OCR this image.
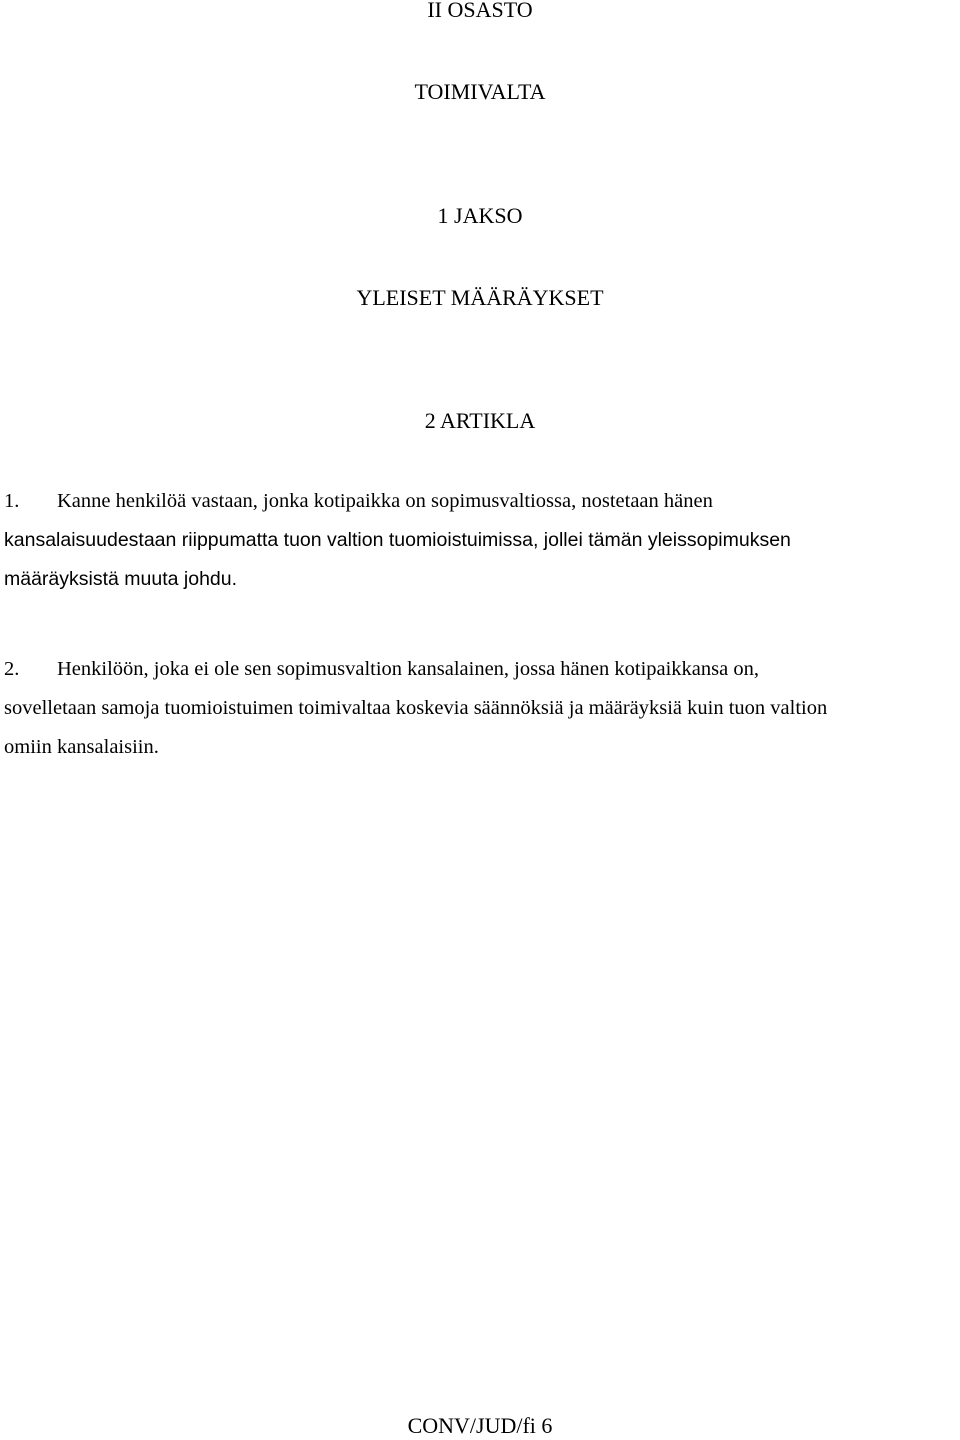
II OSASTO
TOIMIVALTA
1 JAKSO
YLEISET MÄÄRÄYKSET
2 ARTIKLA
1. Kanne henkilöä vastaan, jonka kotipaikka on sopimusvaltiossa, nostetaan hänen
kansalaisuudestaan riippumatta tuon valtion tuomioistuimissa, jollei tämän yleissopimuksen
määräyksistä muuta johdu.
2. Henkilöön, joka ei ole sen sopimusvaltion kansalainen, jossa hänen kotipaikkansa on,
sovelletaan samoja tuomioistuimen toimivaltaa koskevia säännöksiä ja määräyksiä kuin tuon valtion
omiin kansalaisiin.
CONV/JUD/fi 6
